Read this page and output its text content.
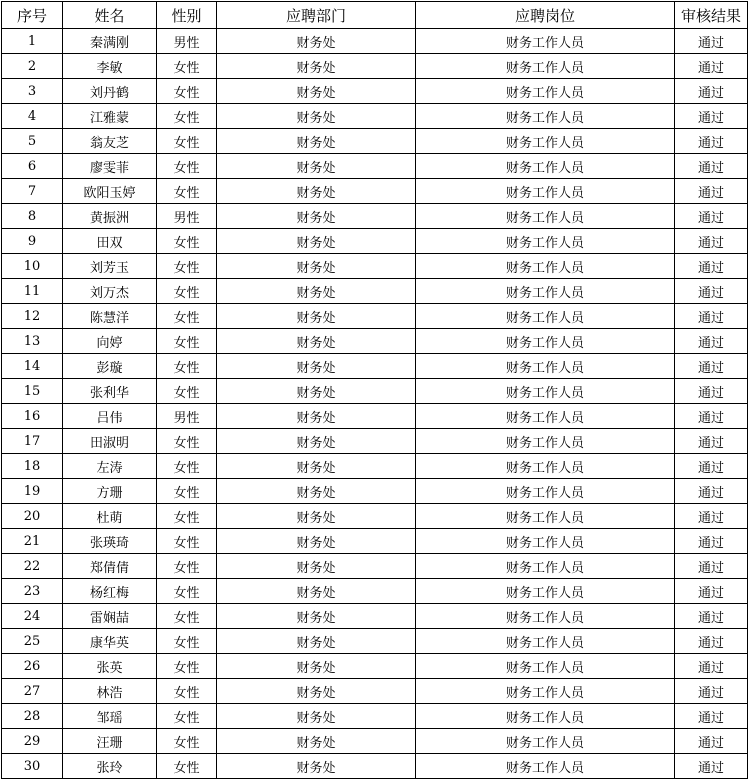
序号	姓名	性别	应聘部门	应聘岗位	审核结果
1	秦满刚	男性	财务处	财务工作人员	通过
2	李敏	女性	财务处	财务工作人员	通过
3	刘丹鹤	女性	财务处	财务工作人员	通过
4	江雅蒙	女性	财务处	财务工作人员	通过
5	翁友芝	女性	财务处	财务工作人员	通过
6	廖雯菲	女性	财务处	财务工作人员	通过
7	欧阳玉婷	女性	财务处	财务工作人员	通过
8	黄振洲	男性	财务处	财务工作人员	通过
9	田双	女性	财务处	财务工作人员	通过
10	刘芳玉	女性	财务处	财务工作人员	通过
11	刘万杰	女性	财务处	财务工作人员	通过
12	陈慧洋	女性	财务处	财务工作人员	通过
13	向婷	女性	财务处	财务工作人员	通过
14	彭璇	女性	财务处	财务工作人员	通过
15	张利华	女性	财务处	财务工作人员	通过
16	吕伟	男性	财务处	财务工作人员	通过
17	田淑明	女性	财务处	财务工作人员	通过
18	左涛	女性	财务处	财务工作人员	通过
19	方珊	女性	财务处	财务工作人员	通过
20	杜萌	女性	财务处	财务工作人员	通过
21	张瑛琦	女性	财务处	财务工作人员	通过
22	郑倩倩	女性	财务处	财务工作人员	通过
23	杨红梅	女性	财务处	财务工作人员	通过
24	雷娴喆	女性	财务处	财务工作人员	通过
25	康华英	女性	财务处	财务工作人员	通过
26	张英	女性	财务处	财务工作人员	通过
27	林浩	女性	财务处	财务工作人员	通过
28	邹瑶	女性	财务处	财务工作人员	通过
29	汪珊	女性	财务处	财务工作人员	通过
30	张玲	女性	财务处	财务工作人员	通过
